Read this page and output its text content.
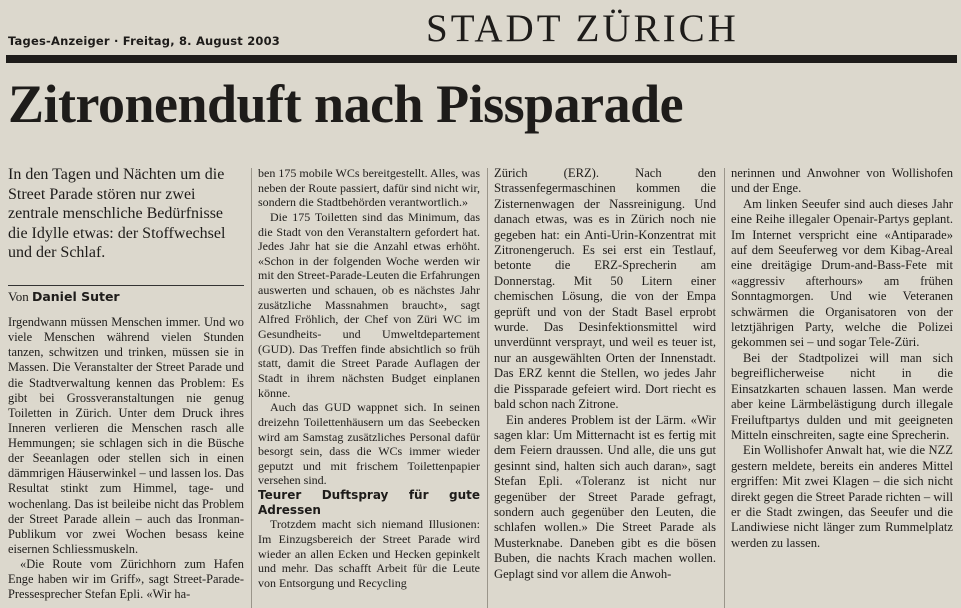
Tages-Anzeiger · Freitag, 8. August 2003	STADT ZÜRICH
Zitronenduft nach Pissparade
In den Tagen und Nächten um die Street Parade stören nur zwei zentrale menschliche Bedürfnisse die Idylle etwas: der Stoffwechsel und der Schlaf.
Von Daniel Suter

Irgendwann müssen Menschen immer. Und wo viele Menschen während vielen Stunden tanzen, schwitzen und trinken, müssen sie in Massen. Die Veranstalter der Street Parade und die Stadtverwaltung kennen das Problem: Es gibt bei Grossveranstaltungen nie genug Toiletten in Zürich. Unter dem Druck ihres Inneren verlieren die Menschen rasch alle Hemmungen; sie schlagen sich in die Büsche der Seeanlagen oder stellen sich in einen dämmrigen Häuserwinkel – und lassen los. Das Resultat stinkt zum Himmel, tage- und wochenlang. Das ist beileibe nicht das Problem der Street Parade allein – auch das Ironman-Publikum vor zwei Wochen besass keine eisernen Schliessmuskeln.

«Die Route vom Zürichhorn zum Hafen Enge haben wir im Griff», sagt Street-Parade-Pressesprecher Stefan Epli. «Wir ha-

ben 175 mobile WCs bereitgestellt. Alles, was neben der Route passiert, dafür sind nicht wir, sondern die Stadtbehörden verantwortlich.»

Die 175 Toiletten sind das Minimum, das die Stadt von den Veranstaltern gefordert hat. Jedes Jahr hat sie die Anzahl etwas erhöht. «Schon in der folgenden Woche werden wir mit den Street-Parade-Leuten die Erfahrungen auswerten und schauen, ob es nächstes Jahr zusätzliche Massnahmen braucht», sagt Alfred Fröhlich, der Chef von Züri WC im Gesundheits- und Umweltdepartement (GUD). Das Treffen finde absichtlich so früh statt, damit die Street Parade Auflagen der Stadt in ihrem nächsten Budget einplanen könne.

Auch das GUD wappnet sich. In seinen dreizehn Toilettenhäusern um das Seebecken wird am Samstag zusätzliches Personal dafür besorgt sein, dass die WCs immer wieder geputzt und mit frischem Toilettenpapier versehen sind.

Teurer Duftspray für gute Adressen

Trotzdem macht sich niemand Illusionen: Im Einzugsbereich der Street Parade wird wieder an allen Ecken und Hecken gepinkelt und mehr. Das schafft Arbeit für die Leute von Entsorgung und Recycling

Zürich (ERZ). Nach den Strassenfegermaschinen kommen die Zisternenwagen der Nassreinigung. Und danach etwas, was es in Zürich noch nie gegeben hat: ein Anti-Urin-Konzentrat mit Zitronengeruch. Es sei erst ein Testlauf, betonte die ERZ-Sprecherin am Donnerstag. Mit 50 Litern einer chemischen Lösung, die von der Empa geprüft und von der Stadt Basel erprobt wurde. Das Desinfektionsmittel wird unverdünnt versprayt, und weil es teuer ist, nur an ausgewählten Orten der Innenstadt. Das ERZ kennt die Stellen, wo jedes Jahr die Pissparade gefeiert wird. Dort riecht es bald schon nach Zitrone.

Ein anderes Problem ist der Lärm. «Wir sagen klar: Um Mitternacht ist es fertig mit dem Feiern draussen. Und alle, die uns gut gesinnt sind, halten sich auch daran», sagt Stefan Epli. «Toleranz ist nicht nur gegenüber der Street Parade gefragt, sondern auch gegenüber den Leuten, die schlafen wollen.» Die Street Parade als Musterknabe. Daneben gibt es die bösen Buben, die nachts Krach machen wollen. Geplagt sind vor allem die Anwoh-

nerinnen und Anwohner von Wollishofen und der Enge.

Am linken Seeufer sind auch dieses Jahr eine Reihe illegaler Openair-Partys geplant. Im Internet verspricht eine «Antiparade» auf dem Seeuferweg vor dem Kibag-Areal eine dreitägige Drum-and-Bass-Fete mit «aggressiv afterhours» am frühen Sonntagmorgen. Und wie Veteranen schwärmen die Organisatoren von der letztjährigen Party, welche die Polizei gekommen sei – und sogar Tele-Züri.

Bei der Stadtpolizei will man sich begreiflicherweise nicht in die Einsatzkarten schauen lassen. Man werde aber keine Lärmbelästigung durch illegale Freiluftpartys dulden und mit geeigneten Mitteln einschreiten, sagte eine Sprecherin.

Ein Wollishofer Anwalt hat, wie die NZZ gestern meldete, bereits ein anderes Mittel ergriffen: Mit zwei Klagen – die sich nicht direkt gegen die Street Parade richten – will er die Stadt zwingen, das Seeufer und die Landiwiese nicht länger zum Rummelplatz werden zu lassen.
